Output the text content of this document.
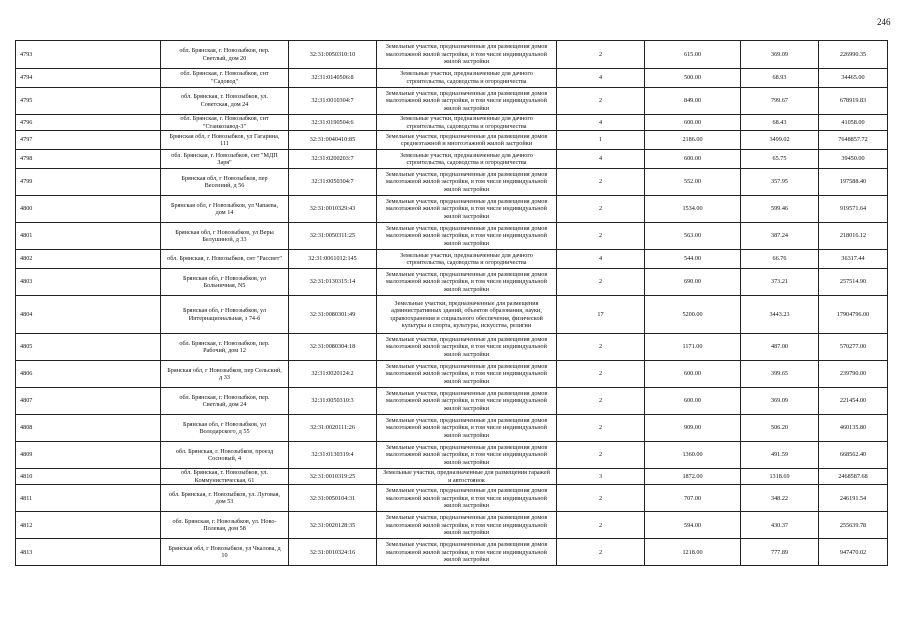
246
4793	обл. Брянская, г. Новозыбков, пер. Светлый, дом 20	32:31:0050310:10	Земельные участки, предназначенные для размещения домов малоэтажной жилой застройки, в том числе индивидуальной жилой застройки	2	615.00	369.09	226990.35
4794	обл. Брянская, г. Новозыбков, снт "Садовод"	32:31:0140506:8	Земельные участки, предназначенные для дачного строительства, садоводства и огородничества	4	500.00	68.93	34465.00
4795	обл. Брянская, г. Новозыбков, ул. Советская, дом 24	32:31:0010304:7	Земельные участки, предназначенные для размещения домов малоэтажной жилой застройки, в том числе индивидуальной жилой застройки	2	849.00	799.67	678919.83
4796	обл. Брянская, г. Новозыбков, снт "Станкозавод-3"	32:31:0190504:6	Земельные участки, предназначенные для дачного строительства, садоводства и огородничества	4	600.00	68.43	41058.00
4797	Брянская обл, г Новозыбков, ул Гагарина, 111	32:31:0040410:85	Земельные участки, предназначенные для размещения домов среднеэтажной и многоэтажной жилой застройки	1	2186.00	3499.02	7648857.72
4798	обл. Брянская, г. Новозыбков, снт "МДП Заря"	32:31:0200203:7	Земельные участки, предназначенные для дачного строительства, садоводства и огородничества	4	600.00	65.75	39450.00
4799	Брянская обл, г Новозыбков, пер Весенний, д 56	32:31:0050304:7	Земельные участки, предназначенные для размещения домов малоэтажной жилой застройки, в том числе индивидуальной жилой застройки	2	552.00	357.95	197588.40
4800	Брянская обл, г Новозыбков, ул Чапаева, дом 14	32:31:0010329:43	Земельные участки, предназначенные для размещения домов малоэтажной жилой застройки, в том числе индивидуальной жилой застройки	2	1534.00	599.46	919571.64
4801	Брянская обл, г Новозыбков, ул Веры Белушиной, д 33	32:31:0050311:25	Земельные участки, предназначенные для размещения домов малоэтажной жилой застройки, в том числе индивидуальной жилой застройки	2	563.00	387.24	218016.12
4802	обл. Брянская, г. Новозыбков, снт "Рассвет"	32:31:0061012:145	Земельные участки, предназначенные для дачного строительства, садоводства и огородничества	4	544.00	66.76	36317.44
4803	Брянская обл, г Новозыбков, ул Больничная, N5	32:31:0130315:14	Земельные участки, предназначенные для размещения домов малоэтажной жилой застройки, в том числе индивидуальной жилой застройки	2	690.00	373.21	257514.90
4804	Брянская обл, г Новозыбков, ул Интернациональная, з 74-б	32:31:0080301:49	Земельные участки, предназначенные для размещения административных зданий, объектов образования, науки, здравоохранения и социального обеспечения, физической культуры и спорта, культуры, искусства, религии	17	5200.00	3443.23	17904796.00
4805	обл. Брянская, г. Новозыбков, пер. Рабочий, дом 12	32:31:0080304:18	Земельные участки, предназначенные для размещения домов малоэтажной жилой застройки, в том числе индивидуальной жилой застройки	2	1171.00	487.00	570277.00
4806	Брянская обл, г Новозыбков, пер Сельский, д 33	32:31:0020124:2	Земельные участки, предназначенные для размещения домов малоэтажной жилой застройки, в том числе индивидуальной жилой застройки	2	600.00	399.65	239790.00
4807	обл. Брянская, г. Новозыбков, пер. Светлый, дом 24	32:31:0050310:3	Земельные участки, предназначенные для размещения домов малоэтажной жилой застройки, в том числе индивидуальной жилой застройки	2	600.00	369.09	221454.00
4808	Брянская обл, г Новозыбков, ул Володарского, д 55	32:31:0020111:26	Земельные участки, предназначенные для размещения домов малоэтажной жилой застройки, в том числе индивидуальной жилой застройки	2	909.00	506.20	460135.80
4809	обл. Брянская, г. Новозыбков, проезд Сосновый, 4	32:31:0130319:4	Земельные участки, предназначенные для размещения домов малоэтажной жилой застройки, в том числе индивидуальной жилой застройки	2	1360.00	491.59	668562.40
4810	обл. Брянская, г. Новозыбков, ул. Коммунистическая, 61	32:31:0010319:25	Земельные участки, предназначенные для размещения гаражей и автостоянок	3	1872.00	1318.69	2468587.68
4811	обл. Брянская, г. Новозыбков, ул. Луговая, дом 53	32:31:0050104:31	Земельные участки, предназначенные для размещения домов малоэтажной жилой застройки, в том числе индивидуальной жилой застройки	2	707.00	348.22	246191.54
4812	обл. Брянская, г. Новозыбков, ул. Ново-Полевая, дом 58	32:31:0020128:35	Земельные участки, предназначенные для размещения домов малоэтажной жилой застройки, в том числе индивидуальной жилой застройки	2	594.00	430.37	255639.78
4813	Брянская обл, г Новозыбков, ул Чкалова, д 10	32:31:0010324:16	Земельные участки, предназначенные для размещения домов малоэтажной жилой застройки, в том числе индивидуальной жилой застройки	2	1218.00	777.89	947470.02
